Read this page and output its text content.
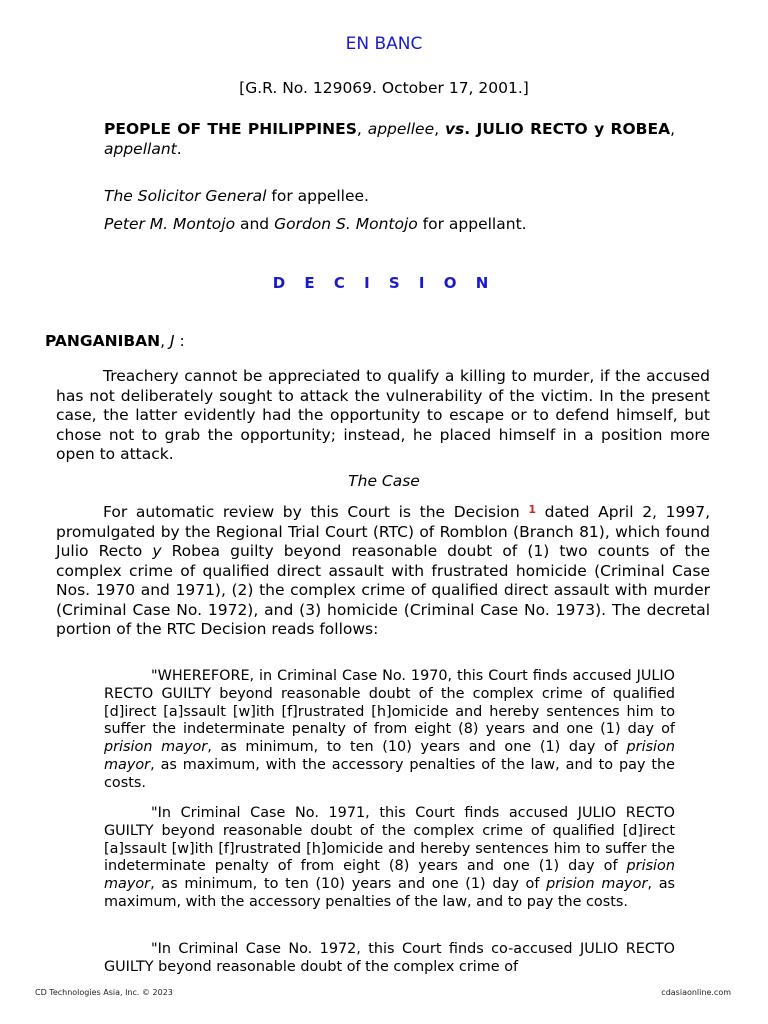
EN BANC
[G.R. No. 129069. October 17, 2001.]
PEOPLE OF THE PHILIPPINES, appellee, vs. JULIO RECTO y ROBEA, appellant.
The Solicitor General for appellee.
Peter M. Montojo and Gordon S. Montojo for appellant.
D E C I S I O N
PANGANIBAN, J :

Treachery cannot be appreciated to qualify a killing to murder, if the accused has not deliberately sought to attack the vulnerability of the victim. In the present case, the latter evidently had the opportunity to escape or to defend himself, but chose not to grab the opportunity; instead, he placed himself in a position more open to attack.

The Case

For automatic review by this Court is the Decision $^1$ dated April 2, 1997, promulgated by the Regional Trial Court (RTC) of Romblon (Branch 81), which found Julio Recto y Robea guilty beyond reasonable doubt of (1) two counts of the complex crime of qualified direct assault with frustrated homicide (Criminal Case Nos. 1970 and 1971), (2) the complex crime of qualified direct assault with murder (Criminal Case No. 1972), and (3) homicide (Criminal Case No. 1973). The decretal portion of the RTC Decision reads follows:

"WHEREFORE, in Criminal Case No. 1970, this Court finds accused JULIO RECTO GUILTY beyond reasonable doubt of the complex crime of qualified [d]irect [a]ssault [w]ith [f]rustrated [h]omicide and hereby sentences him to suffer the indeterminate penalty of from eight (8) years and one (1) day of prision mayor, as minimum, to ten (10) years and one (1) day of prision mayor, as maximum, with the accessory penalties of the law, and to pay the costs.

"In Criminal Case No. 1971, this Court finds accused JULIO RECTO GUILTY beyond reasonable doubt of the complex crime of qualified [d]irect [a]ssault [w]ith [f]rustrated [h]omicide and hereby sentences him to suffer the indeterminate penalty of from eight (8) years and one (1) day of prision mayor, as minimum, to ten (10) years and one (1) day of prision mayor, as maximum, with the accessory penalties of the law, and to pay the costs.

"In Criminal Case No. 1972, this Court finds co-accused JULIO RECTO GUILTY beyond reasonable doubt of the complex crime of

CD Technologies Asia, Inc. © 2023	cdasiaonline.com
